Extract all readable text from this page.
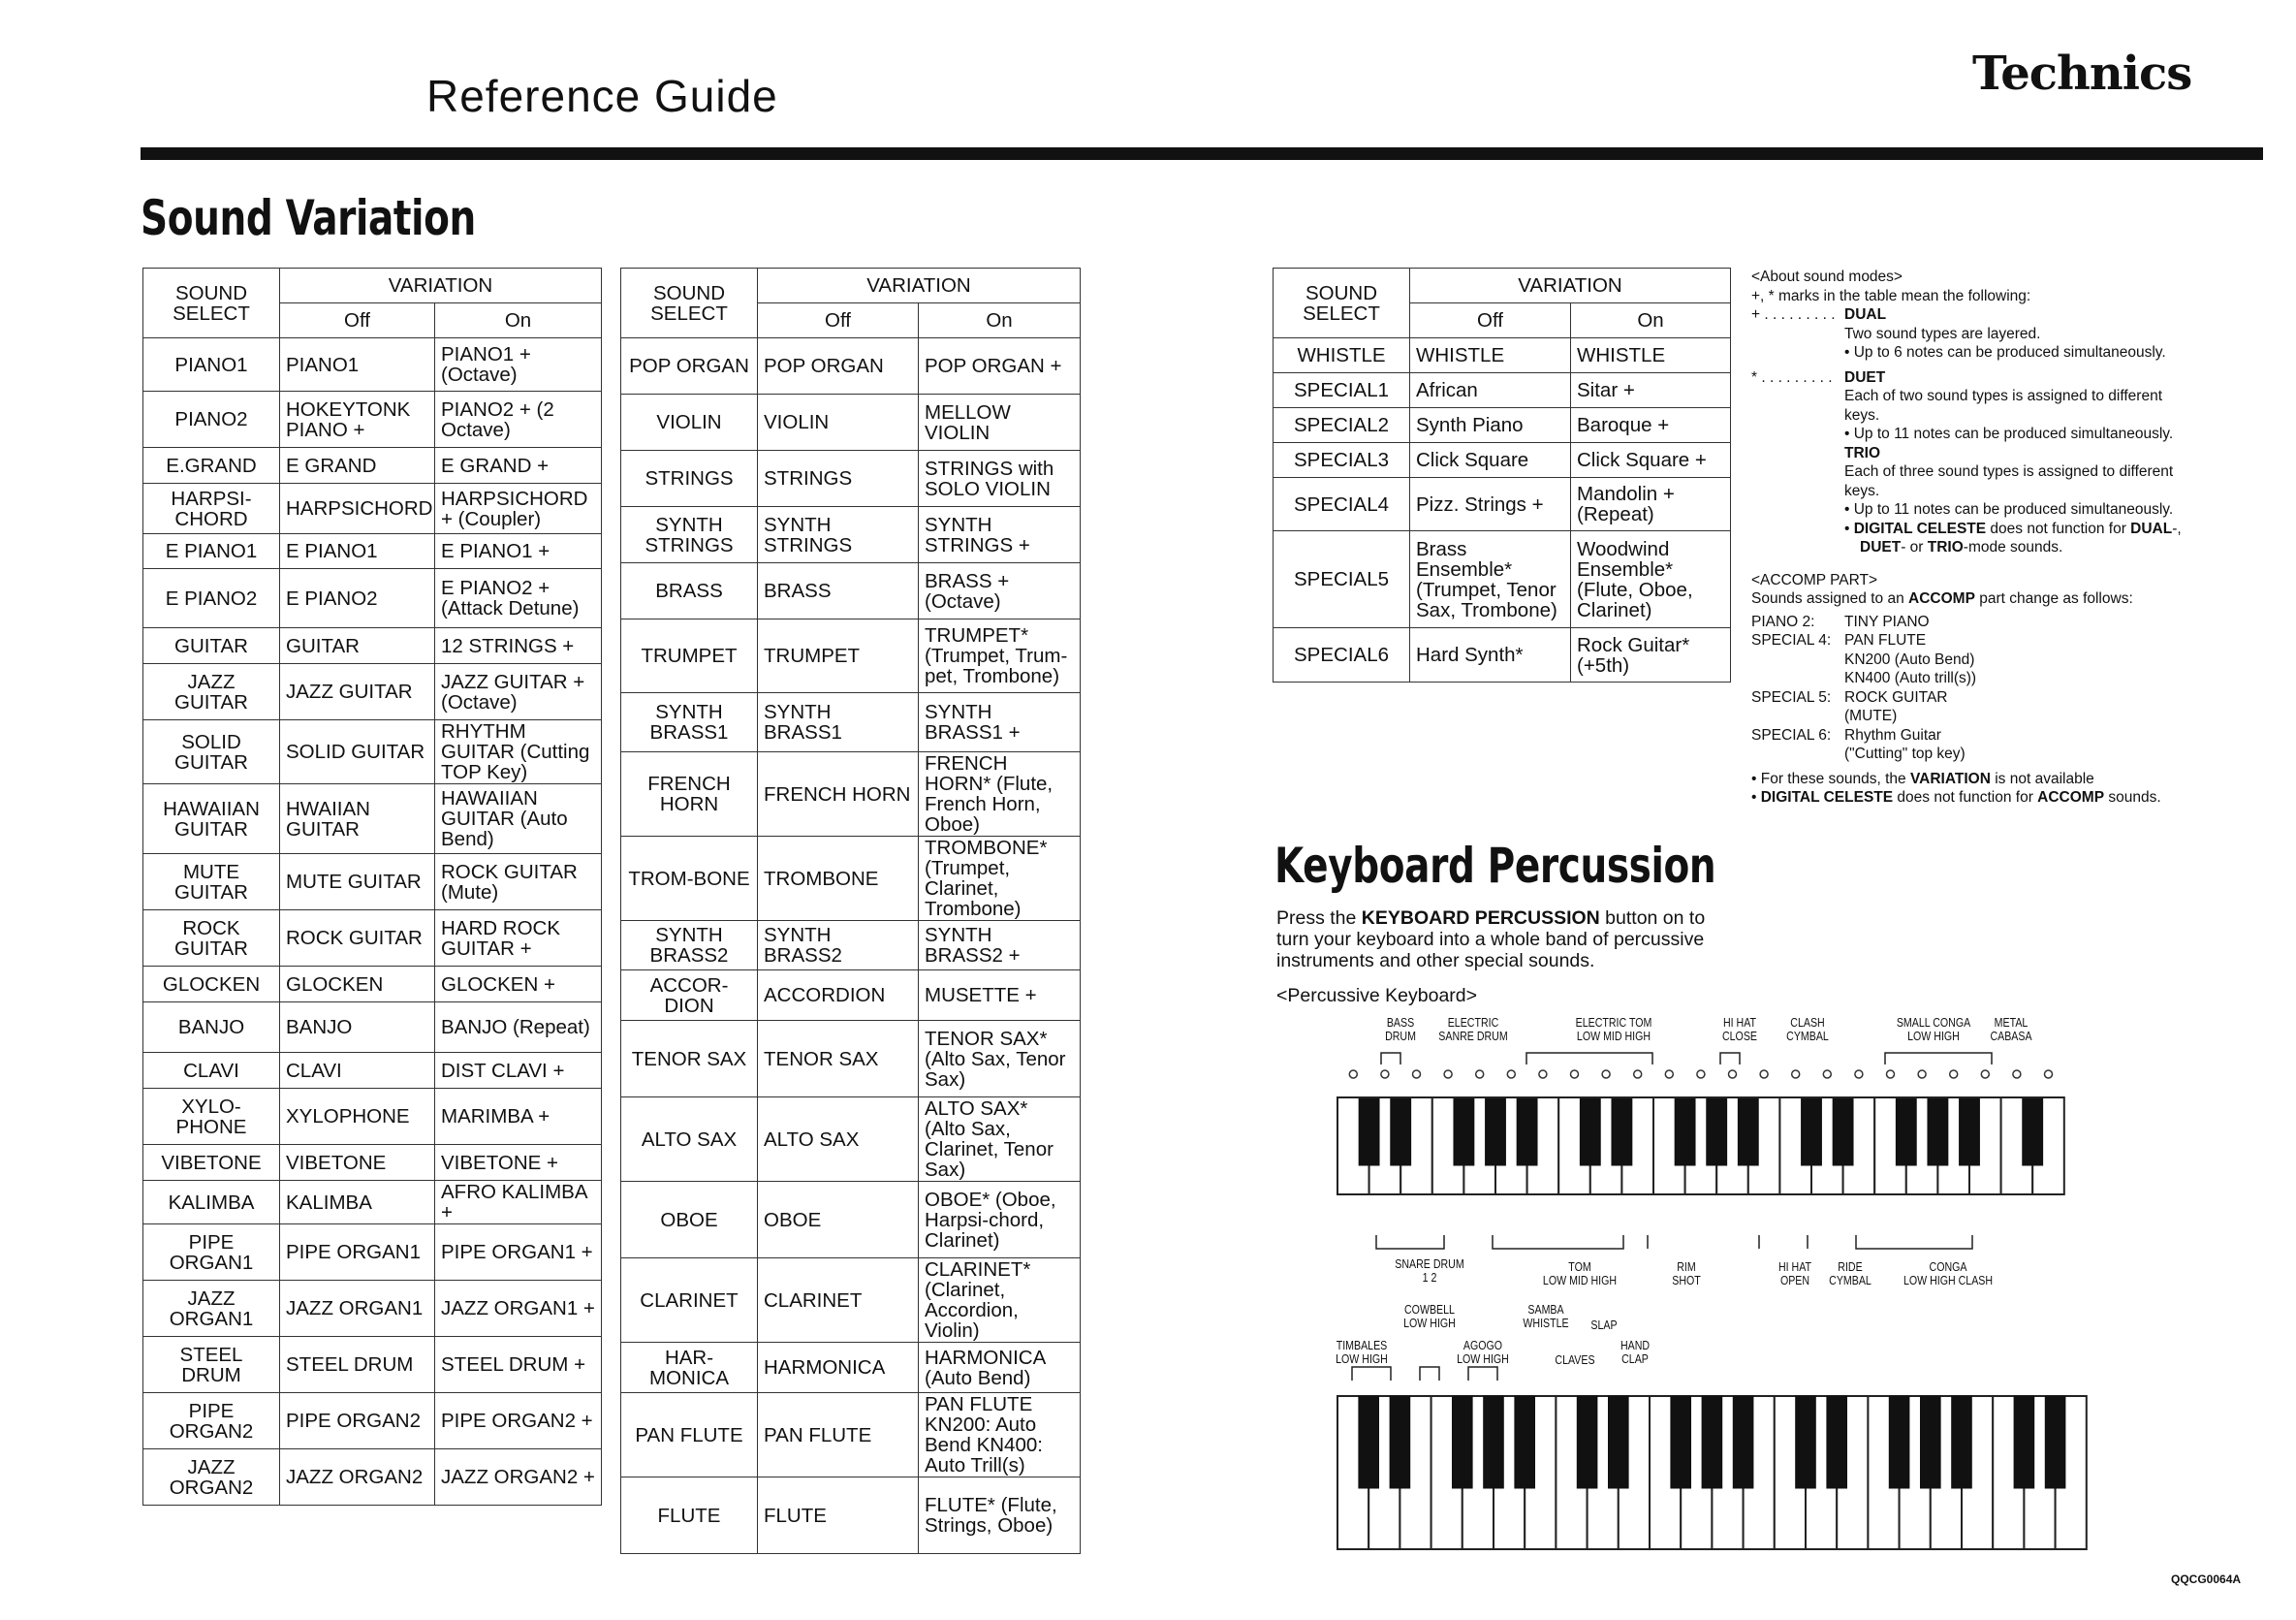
Reference Guide	Technics
Sound Variation
SOUND SELECT	VARIATION	
	Off	On
PIANO1	PIANO1	PIANO1 + (Octave)
PIANO2	HOKEYTONK PIANO +	PIANO2 + (2 Octave)
E.GRAND	E GRAND	E GRAND +
HARPSI-CHORD	HARPSICHORD	HARPSICHORD + (Coupler)
E PIANO1	E PIANO1	E PIANO1 +
E PIANO2	E PIANO2	E PIANO2 + (Attack Detune)
GUITAR	GUITAR	12 STRINGS +
JAZZ GUITAR	JAZZ GUITAR	JAZZ GUITAR + (Octave)
SOLID GUITAR	SOLID GUITAR	RHYTHM GUITAR (Cutting TOP Key)
HAWAIIAN GUITAR	HWAIIAN GUITAR	HAWAIIAN GUITAR (Auto Bend)
MUTE GUITAR	MUTE GUITAR	ROCK GUITAR (Mute)
ROCK GUITAR	ROCK GUITAR	HARD ROCK GUITAR +
GLOCKEN	GLOCKEN	GLOCKEN +
BANJO	BANJO	BANJO (Repeat)
CLAVI	CLAVI	DIST CLAVI +
XYLO-PHONE	XYLOPHONE	MARIMBA +
VIBETONE	VIBETONE	VIBETONE +
KALIMBA	KALIMBA	AFRO KALIMBA +
PIPE ORGAN1	PIPE ORGAN1	PIPE ORGAN1 +
JAZZ ORGAN1	JAZZ ORGAN1	JAZZ ORGAN1 +
STEEL DRUM	STEEL DRUM	STEEL DRUM +
PIPE ORGAN2	PIPE ORGAN2	PIPE ORGAN2 +
JAZZ ORGAN2	JAZZ ORGAN2	JAZZ ORGAN2 +
SOUND SELECT	VARIATION	
	Off	On
POP ORGAN	POP ORGAN	POP ORGAN +
VIOLIN	VIOLIN	MELLOW VIOLIN
STRINGS	STRINGS	STRINGS with SOLO VIOLIN
SYNTH STRINGS	SYNTH STRINGS	SYNTH STRINGS +
BRASS	BRASS	BRASS + (Octave)
TRUMPET	TRUMPET	TRUMPET* (Trumpet, Trum-pet, Trombone)
SYNTH BRASS1	SYNTH BRASS1	SYNTH BRASS1 +
FRENCH HORN	FRENCH HORN	FRENCH HORN* (Flute, French Horn, Oboe)
TROM-BONE	TROMBONE	TROMBONE* (Trumpet, Clarinet, Trombone)
SYNTH BRASS2	SYNTH BRASS2	SYNTH BRASS2 +
ACCOR-DION	ACCORDION	MUSETTE +
TENOR SAX	TENOR SAX	TENOR SAX* (Alto Sax, Tenor Sax)
ALTO SAX	ALTO SAX	ALTO SAX* (Alto Sax, Clarinet, Tenor Sax)
OBOE	OBOE	OBOE* (Oboe, Harpsi-chord, Clarinet)
CLARINET	CLARINET	CLARINET* (Clarinet, Accordion, Violin)
HAR-MONICA	HARMONICA	HARMONICA (Auto Bend)
PAN FLUTE	PAN FLUTE	PAN FLUTE KN200: Auto Bend KN400: Auto Trill(s)
FLUTE	FLUTE	FLUTE* (Flute, Strings, Oboe)
SOUND SELECT	VARIATION	
	Off	On
WHISTLE	WHISTLE	WHISTLE
SPECIAL1	African	Sitar +
SPECIAL2	Synth Piano	Baroque +
SPECIAL3	Click Square	Click Square +
SPECIAL4	Pizz. Strings +	Mandolin + (Repeat)
SPECIAL5	Brass Ensemble* (Trumpet, Tenor Sax, Trombone)	Woodwind Ensemble* (Flute, Oboe, Clarinet)
SPECIAL6	Hard Synth*	Rock Guitar* (+5th)
<About sound modes>
+, * marks in the table mean the following:
+ . . . . . . . . . DUAL
Two sound types are layered.
• Up to 6 notes can be produced simultaneously.
* . . . . . . . . . DUET
Each of two sound types is assigned to different
keys.
• Up to 11 notes can be produced simultaneously.
TRIO
Each of three sound types is assigned to different
keys.
• Up to 11 notes can be produced simultaneously.
• DIGITAL CELESTE does not function for DUAL-,
DUET- or TRIO-mode sounds.
<ACCOMP PART>
Sounds assigned to an ACCOMP part change as follows:
PIANO 2: TINY PIANO
SPECIAL 4: PAN FLUTE
KN200 (Auto Bend)
KN400 (Auto trill(s))
SPECIAL 5: ROCK GUITAR
(MUTE)
SPECIAL 6: Rhythm Guitar
("Cutting" top key)
• For these sounds, the VARIATION is not available
• DIGITAL CELESTE does not function for ACCOMP sounds.
Keyboard Percussion
Press the KEYBOARD PERCUSSION button on to turn your keyboard into a whole band of percussive instruments and other special sounds.
<Percussive Keyboard>
BASS
DRUM
ELECTRIC
SANRE DRUM
ELECTRIC TOM
LOW MID HIGH
HI HAT
CLOSE
CLASH
CYMBAL
SMALL CONGA
LOW HIGH
METAL
CABASA
SNARE DRUM
1 2
TOM
LOW MID HIGH
RIM
SHOT
HI HAT
OPEN
RIDE
CYMBAL
CONGA
LOW HIGH CLASH
COWBELL
LOW HIGH
SAMBA
WHISTLE	SLAP
TIMBALES
LOW HIGH
AGOGO
LOW HIGH	CLAVES
HAND
CLAP
QQCG0064A
